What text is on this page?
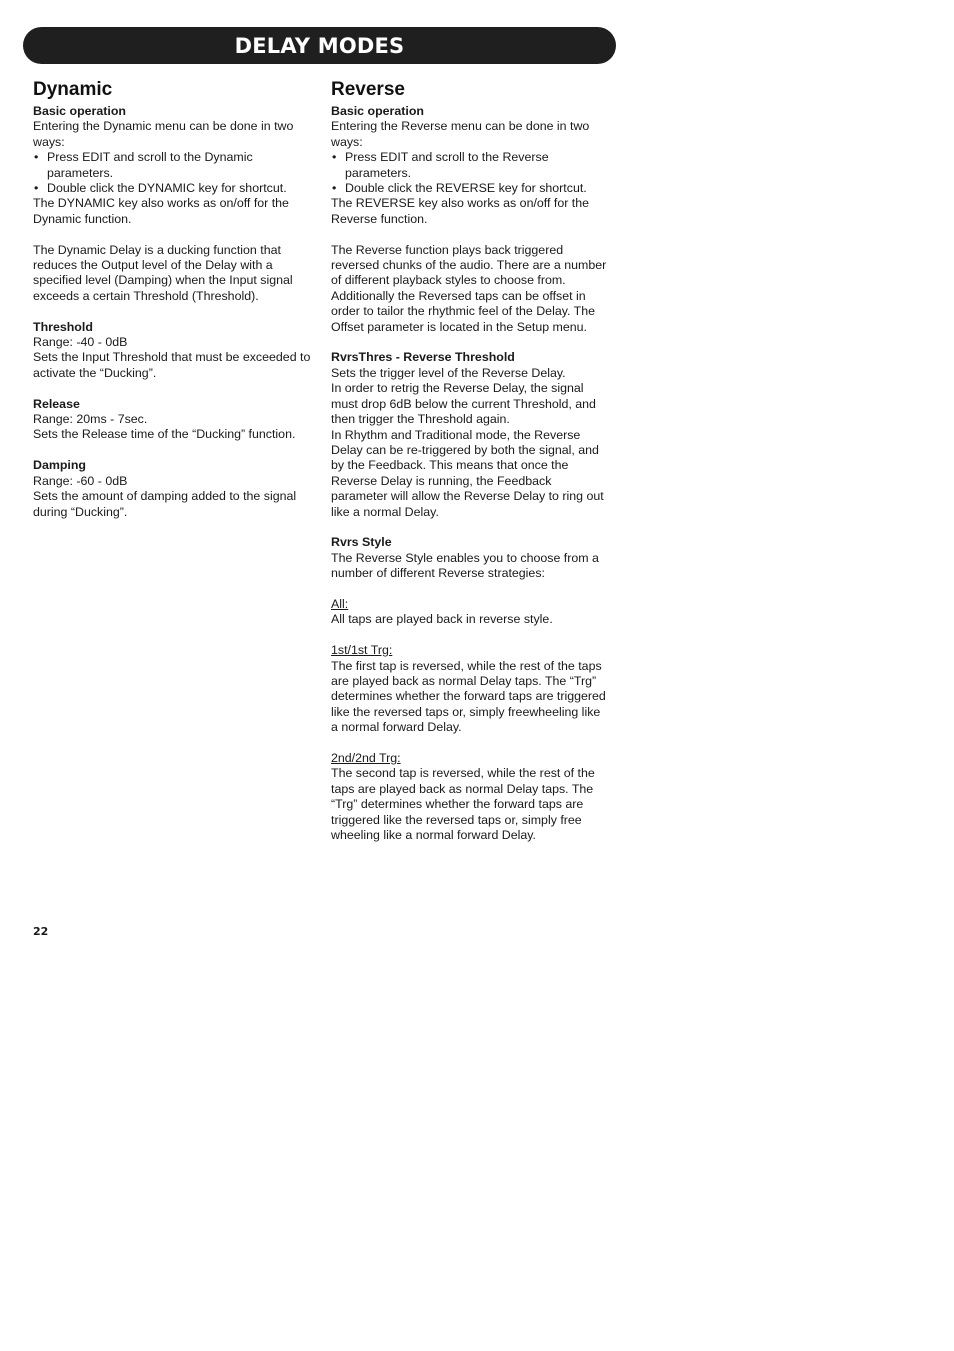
DELAY MODES
Dynamic

Basic operation

Entering the Dynamic menu can be done in two ways:

• Press EDIT and scroll to the Dynamic parameters.
• Double click the DYNAMIC key for shortcut.

The DYNAMIC key also works as on/off for the Dynamic function.

The Dynamic Delay is a ducking function that reduces the Output level of the Delay with a specified level (Damping) when the Input signal exceeds a certain Threshold (Threshold).

Threshold

Range: -40 - 0dB

Sets the Input Threshold that must be exceeded to activate the “Ducking”.

Release

Range: 20ms - 7sec.

Sets the Release time of the “Ducking” function.

Damping

Range: -60 - 0dB

Sets the amount of damping added to the signal during “Ducking”.

Reverse

Basic operation

Entering the Reverse menu can be done in two ways:

• Press EDIT and scroll to the Reverse parameters.
• Double click the REVERSE key for shortcut.

The REVERSE key also works as on/off for the Reverse function.

The Reverse function plays back triggered reversed chunks of the audio. There are a number of different playback styles to choose from. Additionally the Reversed taps can be offset in order to tailor the rhythmic feel of the Delay. The Offset parameter is located in the Setup menu.

RvrsThres - Reverse Threshold

Sets the trigger level of the Reverse Delay.

In order to retrig the Reverse Delay, the signal must drop 6dB below the current Threshold, and then trigger the Threshold again.

In Rhythm and Traditional mode, the Reverse Delay can be re-triggered by both the signal, and by the Feedback. This means that once the Reverse Delay is running, the Feedback parameter will allow the Reverse Delay to ring out like a normal Delay.

Rvrs Style

The Reverse Style enables you to choose from a number of different Reverse strategies:

All:

All taps are played back in reverse style.

1st/1st Trg:

The first tap is reversed, while the rest of the taps are played back as normal Delay taps. The “Trg” determines whether the forward taps are triggered like the reversed taps or, simply freewheeling like a normal forward Delay.

2nd/2nd Trg:

The second tap is reversed, while the rest of the taps are played back as normal Delay taps. The “Trg” determines whether the forward taps are triggered like the reversed taps or, simply free wheeling like a normal forward Delay.

22
